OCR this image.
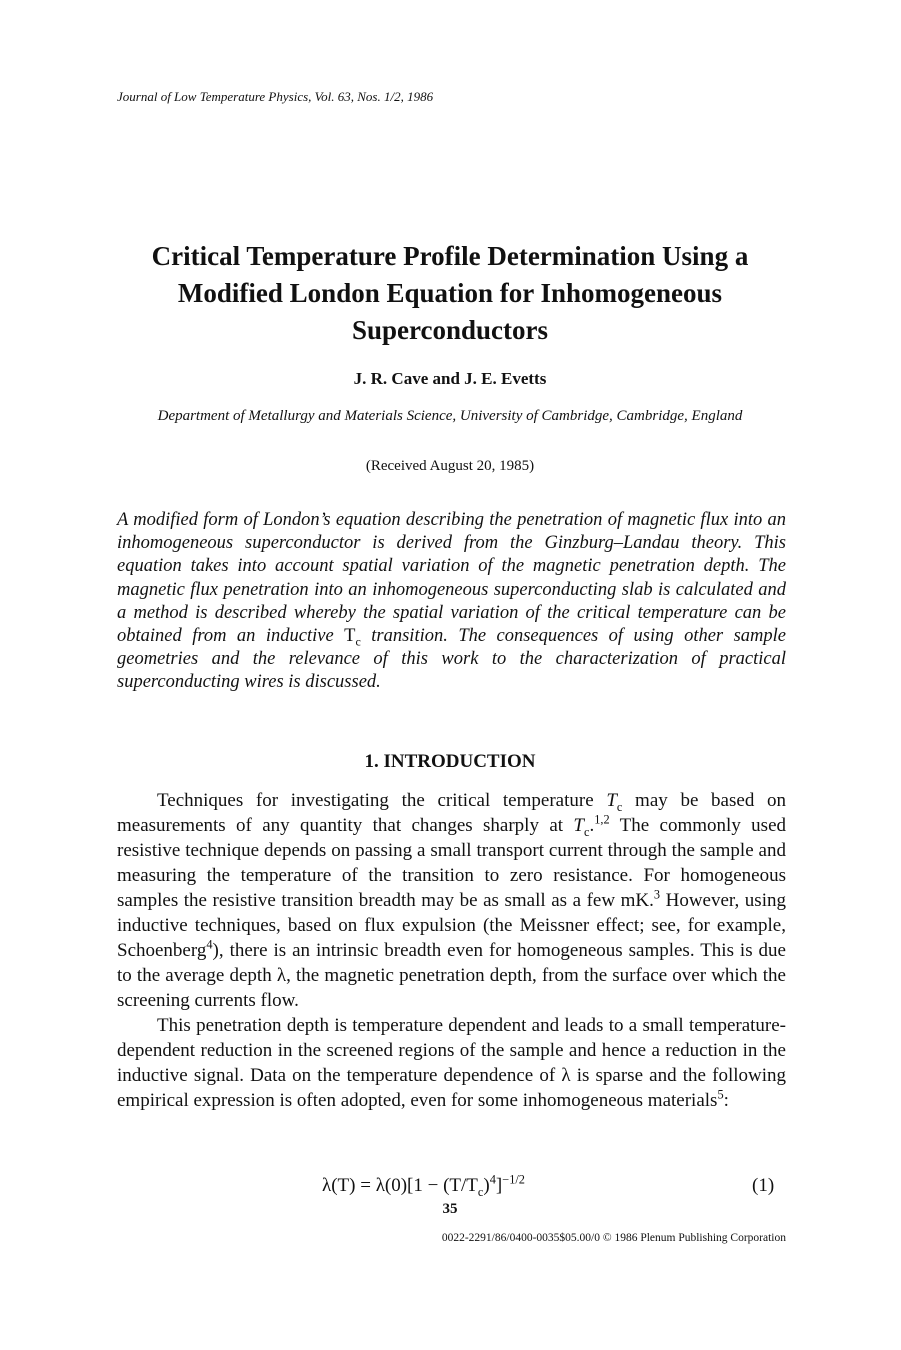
Journal of Low Temperature Physics, Vol. 63, Nos. 1/2, 1986
Critical Temperature Profile Determination Using a Modified London Equation for Inhomogeneous Superconductors
J. R. Cave and J. E. Evetts
Department of Metallurgy and Materials Science, University of Cambridge, Cambridge, England
(Received August 20, 1985)

A modified form of London’s equation describing the penetration of magnetic flux into an inhomogeneous superconductor is derived from the Ginzburg–Landau theory. This equation takes into account spatial variation of the magnetic penetration depth. The magnetic flux penetration into an inhomogeneous superconducting slab is calculated and a method is described whereby the spatial variation of the critical temperature can be obtained from an inductive $T_c$ transition. The consequences of using other sample geometries and the relevance of this work to the characterization of practical superconducting wires is discussed.

1. INTRODUCTION

Techniques for investigating the critical temperature $T_c$ may be based on measurements of any quantity that changes sharply at $T_c.^{1,2}$ The commonly used resistive technique depends on passing a small transport current through the sample and measuring the temperature of the transition to zero resistance. For homogeneous samples the resistive transition breadth may be as small as a few mK.$^3$ However, using inductive techniques, based on flux expulsion (the Meissner effect; see, for example, Schoenberg$^4$), there is an intrinsic breadth even for homogeneous samples. This is due to the average depth λ, the magnetic penetration depth, from the surface over which the screening currents flow.

This penetration depth is temperature dependent and leads to a small temperature-dependent reduction in the screened regions of the sample and hence a reduction in the inductive signal. Data on the temperature dependence of λ is sparse and the following empirical expression is often adopted, even for some inhomogeneous materials$^5$:

$\lambda(T) = \lambda(0)[1 - (T/T_c)^4]^{-1/2}$	(1)
35
0022-2291/86/0400-0035$05.00/0 © 1986 Plenum Publishing Corporation
